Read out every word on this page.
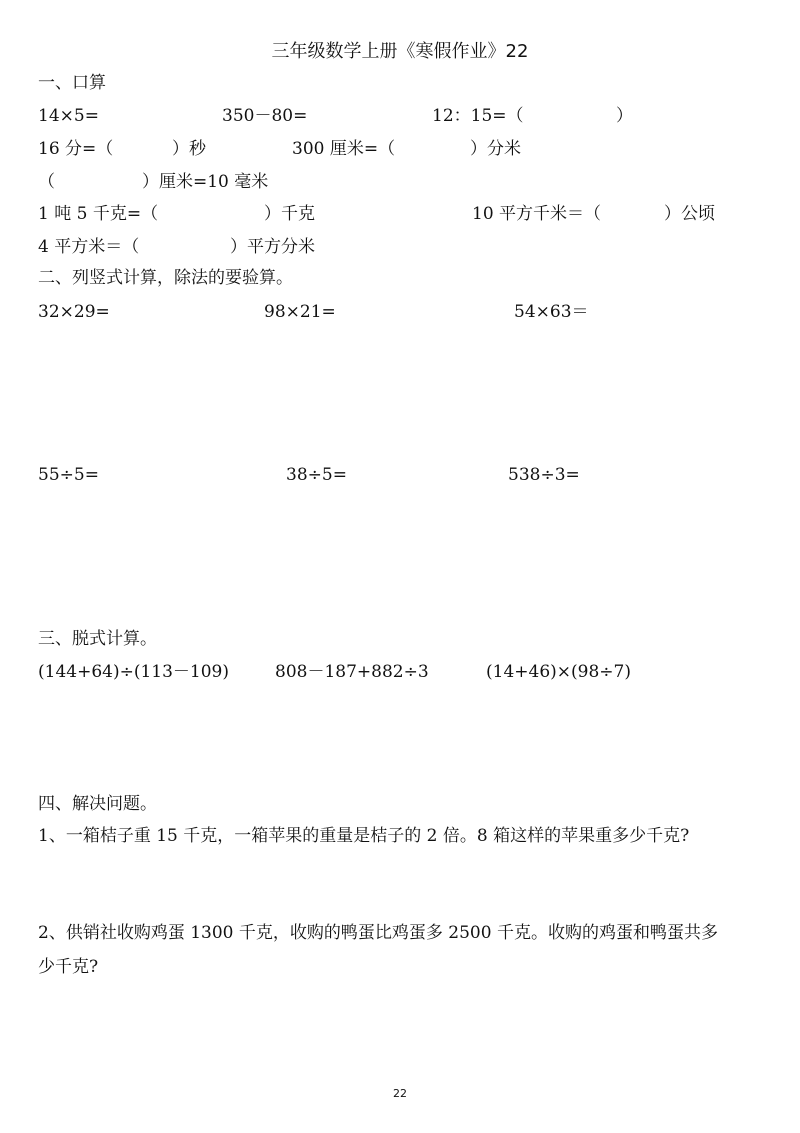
三年级数学上册《寒假作业》22
一、口算
14×5=	350－80=	12：15=（	）
16 分=（	）秒	300 厘米=（	）分米
（	）厘米=10 毫米
1 吨 5 千克=（	）千克	10 平方千米＝（	）公顷
4 平方米＝（	）平方分米
二、列竖式计算，除法的要验算。
32×29=	98×21=	54×63＝
55÷5=	38÷5=	538÷3=
三、脱式计算。
(144+64)÷(113－109)	808－187+882÷3	(14+46)×(98÷7)
四、解决问题。
1、一箱桔子重 15 千克，一箱苹果的重量是桔子的 2 倍。8 箱这样的苹果重多少千克?
2、供销社收购鸡蛋 1300 千克，收购的鸭蛋比鸡蛋多 2500 千克。收购的鸡蛋和鸭蛋共多
少千克?
22
